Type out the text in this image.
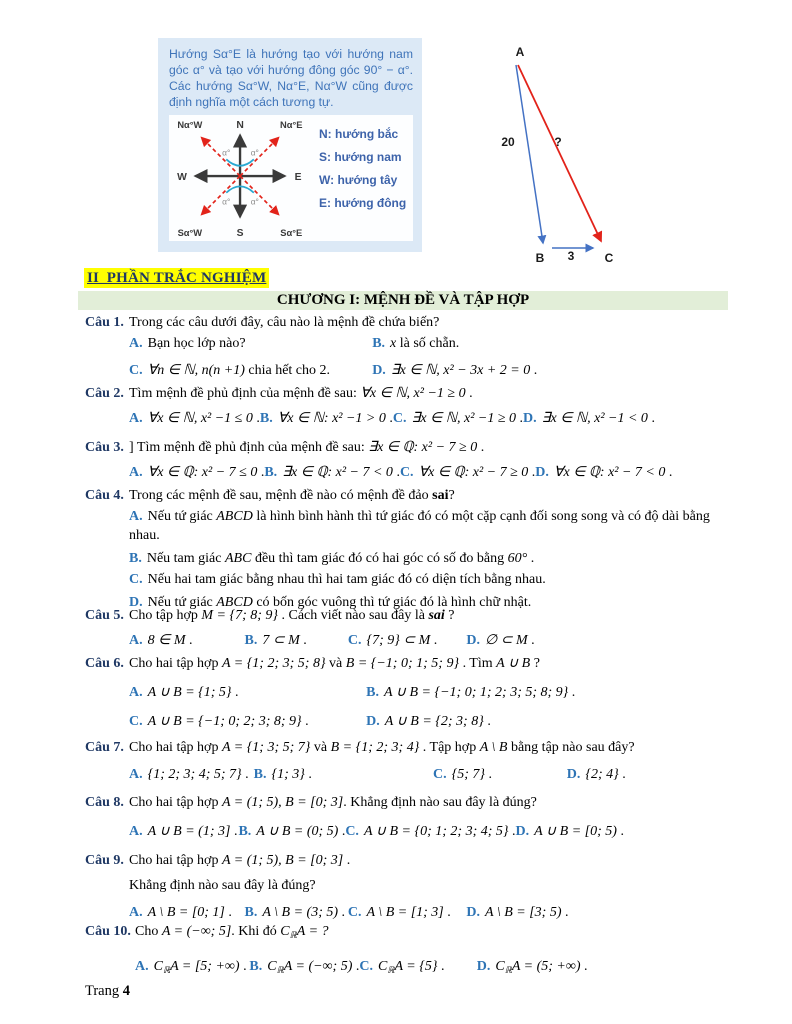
Hướng Sα°E là hướng tạo với hướng nam góc α° và tạo với hướng đông góc 90° − α°. Các hướng Sα°W, Nα°E, Nα°W cũng được định nghĩa một cách tương tự.
α° α°
α° α°
N
S
W	E
Nα°W	Nα°E
Sα°W	Sα°E
N: hướng bắc
S: hướng nam
W: hướng tây
E: hướng đông
A
20	?
B 3	C
II_PHẦN TRẮC NGHIỆM
CHƯƠNG I: MỆNH ĐỀ VÀ TẬP HỢP
Câu 1. Trong các câu dưới đây, câu nào là mệnh đề chứa biến?
A. Bạn học lớp nào?	B. x là số chẵn.
C. ∀n ∈ ℕ, n(n +1) chia hết cho 2.	D. ∃x ∈ ℕ, x² − 3x + 2 = 0 .
Câu 2. Tìm mệnh đề phủ định của mệnh đề sau: ∀x ∈ ℕ, x² −1 ≥ 0 .
A. ∀x ∈ ℕ, x² −1 ≤ 0 . B. ∀x ∈ ℕ: x² −1 > 0 . C. ∃x ∈ ℕ, x² −1 ≥ 0 . D. ∃x ∈ ℕ, x² −1 < 0 .
Câu 3. ] Tìm mệnh đề phủ định của mệnh đề sau: ∃x ∈ ℚ: x² − 7 ≥ 0 .
A. ∀x ∈ ℚ: x² − 7 ≤ 0 . B. ∃x ∈ ℚ: x² − 7 < 0 . C. ∀x ∈ ℚ: x² − 7 ≥ 0 . D. ∀x ∈ ℚ: x² − 7 < 0 .
Câu 4. Trong các mệnh đề sau, mệnh đề nào có mệnh đề đảo sai?
A. Nếu tứ giác ABCD là hình bình hành thì tứ giác đó có một cặp cạnh đối song song và có độ dài bằng nhau.
B. Nếu tam giác ABC đều thì tam giác đó có hai góc có số đo bằng 60° .
C. Nếu hai tam giác bằng nhau thì hai tam giác đó có diện tích bằng nhau.
D. Nếu tứ giác ABCD có bốn góc vuông thì tứ giác đó là hình chữ nhật.
Câu 5. Cho tập hợp M = {7; 8; 9} . Cách viết nào sau đây là sai ?
A. 8 ∈ M .	B. 7 ⊂ M .	C. {7; 9} ⊂ M .	D. ∅ ⊂ M .
Câu 6. Cho hai tập hợp A = {1; 2; 3; 5; 8} và B = {−1; 0; 1; 5; 9} . Tìm A ∪ B ?
A. A ∪ B = {1; 5} .	B. A ∪ B = {−1; 0; 1; 2; 3; 5; 8; 9} .
C. A ∪ B = {−1; 0; 2; 3; 8; 9} .	D. A ∪ B = {2; 3; 8} .
Câu 7. Cho hai tập hợp A = {1; 3; 5; 7} và B = {1; 2; 3; 4} . Tập hợp A \ B bằng tập nào sau đây?
A. {1; 2; 3; 4; 5; 7} . B. {1; 3} .	C. {5; 7} .	D. {2; 4} .
Câu 8. Cho hai tập hợp A = (1; 5), B = [0; 3]. Khẳng định nào sau đây là đúng?
A. A ∪ B = (1; 3] . B. A ∪ B = (0; 5) . C. A ∪ B = {0; 1; 2; 3; 4; 5} . D. A ∪ B = [0; 5) .
Câu 9. Cho hai tập hợp A = (1; 5), B = [0; 3] .
Khẳng định nào sau đây là đúng?
A. A \ B = [0; 1] . B. A \ B = (3; 5) . C. A \ B = [1; 3] .	D. A \ B = [3; 5) .
Câu 10. Cho A = (−∞; 5]. Khi đó $C_ℝA$ = ?
A. $C_ℝA = [5$; +∞) . B. $C_ℝA$ = (−∞; 5) . C. $C_ℝA = \{5\}$ .	D. $C_ℝA = (5$; +∞) .
Trang 4
